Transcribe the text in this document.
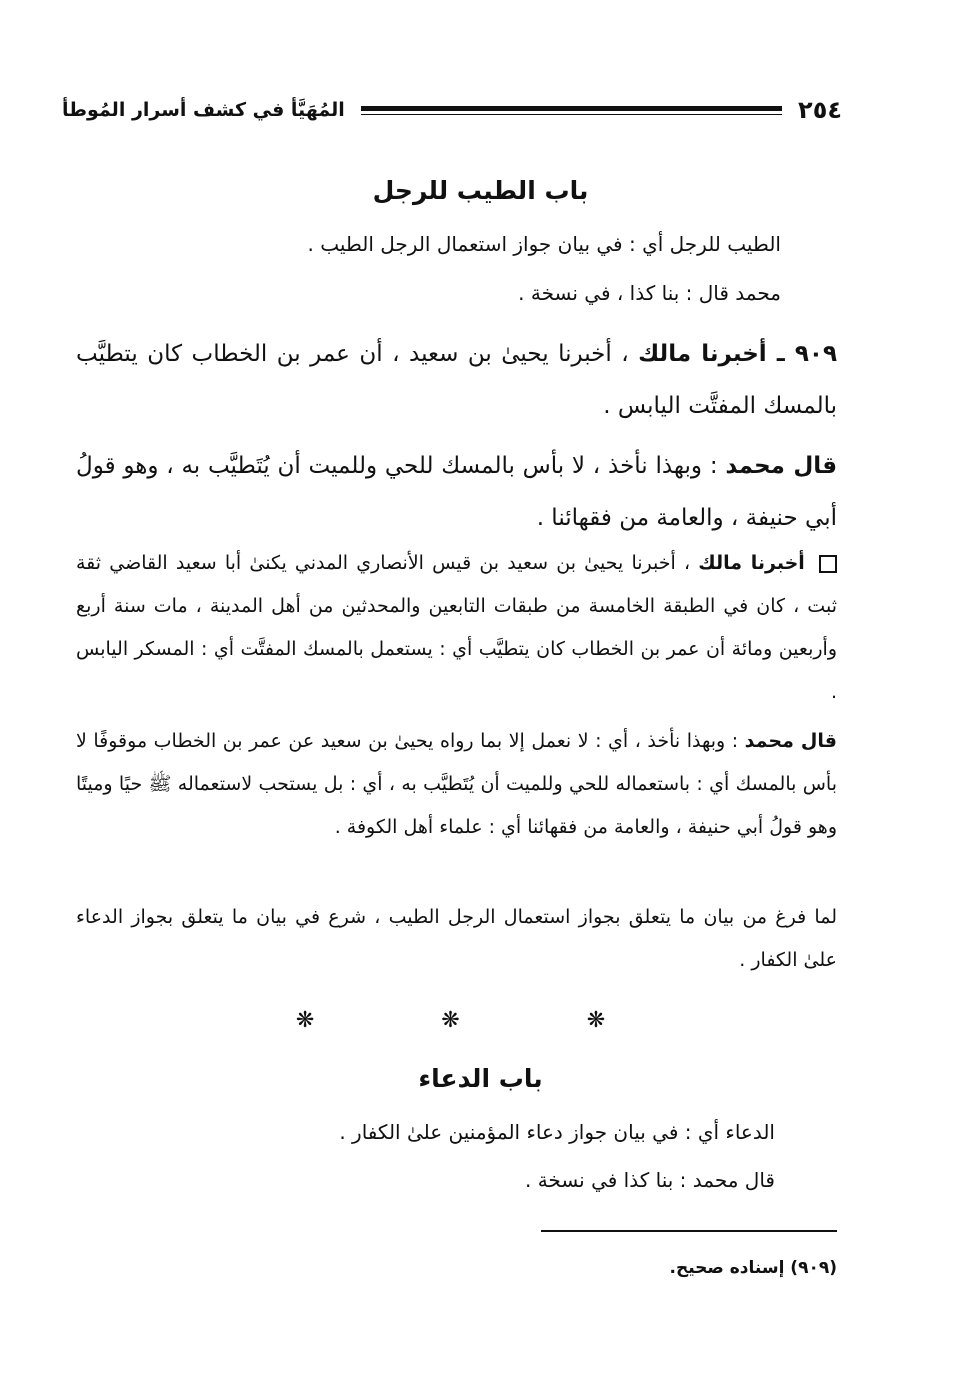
٢٥٤
المُهَيَّأ في كشف أسرار المُوطأ
باب الطيب للرجل
الطيب للرجل أي : في بيان جواز استعمال الرجل الطيب .
محمد قال : بنا كذا ، في نسخة .
٩٠٩ ـ أخبرنا مالك ، أخبرنا يحيىٰ بن سعيد ، أن عمر بن الخطاب كان يتطيَّب بالمسك المفتَّت اليابس .
قال محمد : وبهذا نأخذ ، لا بأس بالمسك للحي وللميت أن يُتَطيَّب به ، وهو قولُ أبي حنيفة ، والعامة من فقهائنا .
أخبرنا مالك ، أخبرنا يحيىٰ بن سعيد بن قيس الأنصاري المدني يكنىٰ أبا سعيد القاضي ثقة ثبت ، كان في الطبقة الخامسة من طبقات التابعين والمحدثين من أهل المدينة ، مات سنة أربع وأربعين ومائة أن عمر بن الخطاب كان يتطيَّب أي : يستعمل بالمسك المفتَّت أي : المسكر اليابس .
قال محمد : وبهذا نأخذ ، أي : لا نعمل إلا بما رواه يحيىٰ بن سعيد عن عمر بن الخطاب موقوفًا لا بأس بالمسك أي : باستعماله للحي وللميت أن يُتَطيَّب به ، أي : بل يستحب لاستعماله ﷺ حيًا وميتًا وهو قولُ أبي حنيفة ، والعامة من فقهائنا أي : علماء أهل الكوفة .
لما فرغ من بيان ما يتعلق بجواز استعمال الرجل الطيب ، شرع في بيان ما يتعلق بجواز الدعاء علىٰ الكفار .
❋ ❋ ❋
باب الدعاء
الدعاء أي : في بيان جواز دعاء المؤمنين علىٰ الكفار .
قال محمد : بنا كذا في نسخة .
(٩٠٩) إسناده صحيح.
